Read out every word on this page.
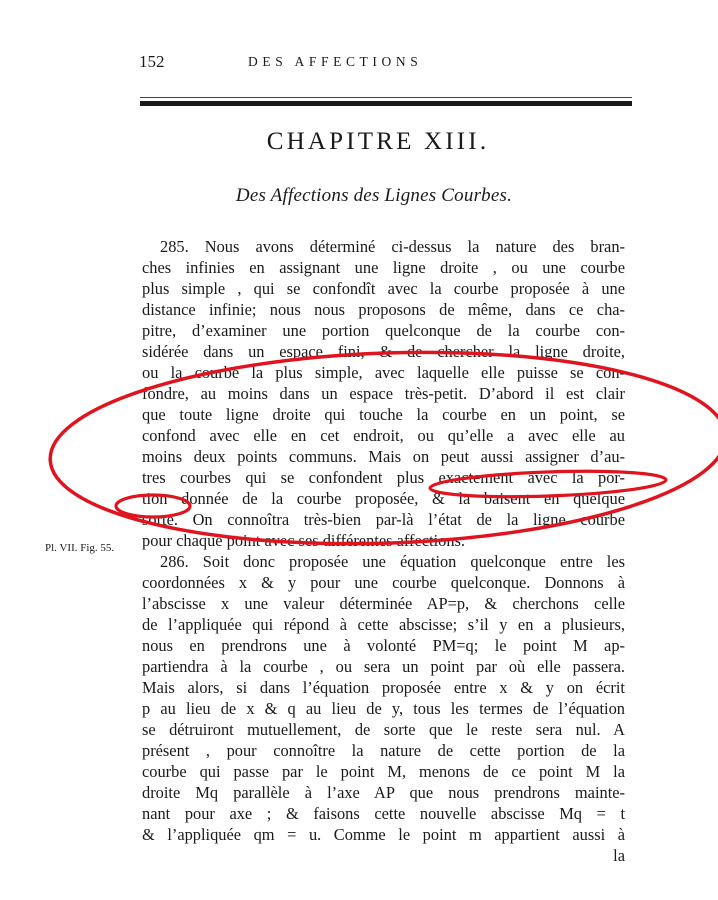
152	DES AFFECTIONS
CHAPITRE XIII.
Des Affections des Lignes Courbes.
Pl. VII. Fig. 55.
285. Nous avons déterminé ci-dessus la nature des bran-
ches infinies en assignant une ligne droite , ou une courbe
plus simple , qui se confondît avec la courbe proposée à une
distance infinie; nous nous proposons de même, dans ce cha-
pitre, d’examiner une portion quelconque de la courbe con-
sidérée dans un espace fini, & de chercher la ligne droite,
ou la courbe la plus simple, avec laquelle elle puisse se con-
fondre, au moins dans un espace très-petit. D’abord il est clair
que toute ligne droite qui touche la courbe en un point, se
confond avec elle en cet endroit, ou qu’elle a avec elle au
moins deux points communs. Mais on peut aussi assigner d’au-
tres courbes qui se confondent plus exactement avec la por-
tion donnée de la courbe proposée, & la baisent en quelque
sorte. On connoîtra très-bien par-là l’état de la ligne courbe
pour chaque point avec ses différentes affections.
286. Soit donc proposée une équation quelconque entre les
coordonnées x & y pour une courbe quelconque. Donnons à
l’abscisse x une valeur déterminée AP=p, & cherchons celle
de l’appliquée qui répond à cette abscisse; s’il y en a plusieurs,
nous en prendrons une à volonté PM=q; le point M ap-
partiendra à la courbe , ou sera un point par où elle passera.
Mais alors, si dans l’équation proposée entre x & y on écrit
p au lieu de x & q au lieu de y, tous les termes de l’équation
se détruiront mutuellement, de sorte que le reste sera nul. A
présent , pour connoître la nature de cette portion de la
courbe qui passe par le point M, menons de ce point M la
droite Mq parallèle à l’axe AP que nous prendrons mainte-
nant pour axe ; & faisons cette nouvelle abscisse Mq = t
& l’appliquée qm = u. Comme le point m appartient aussi à
la
